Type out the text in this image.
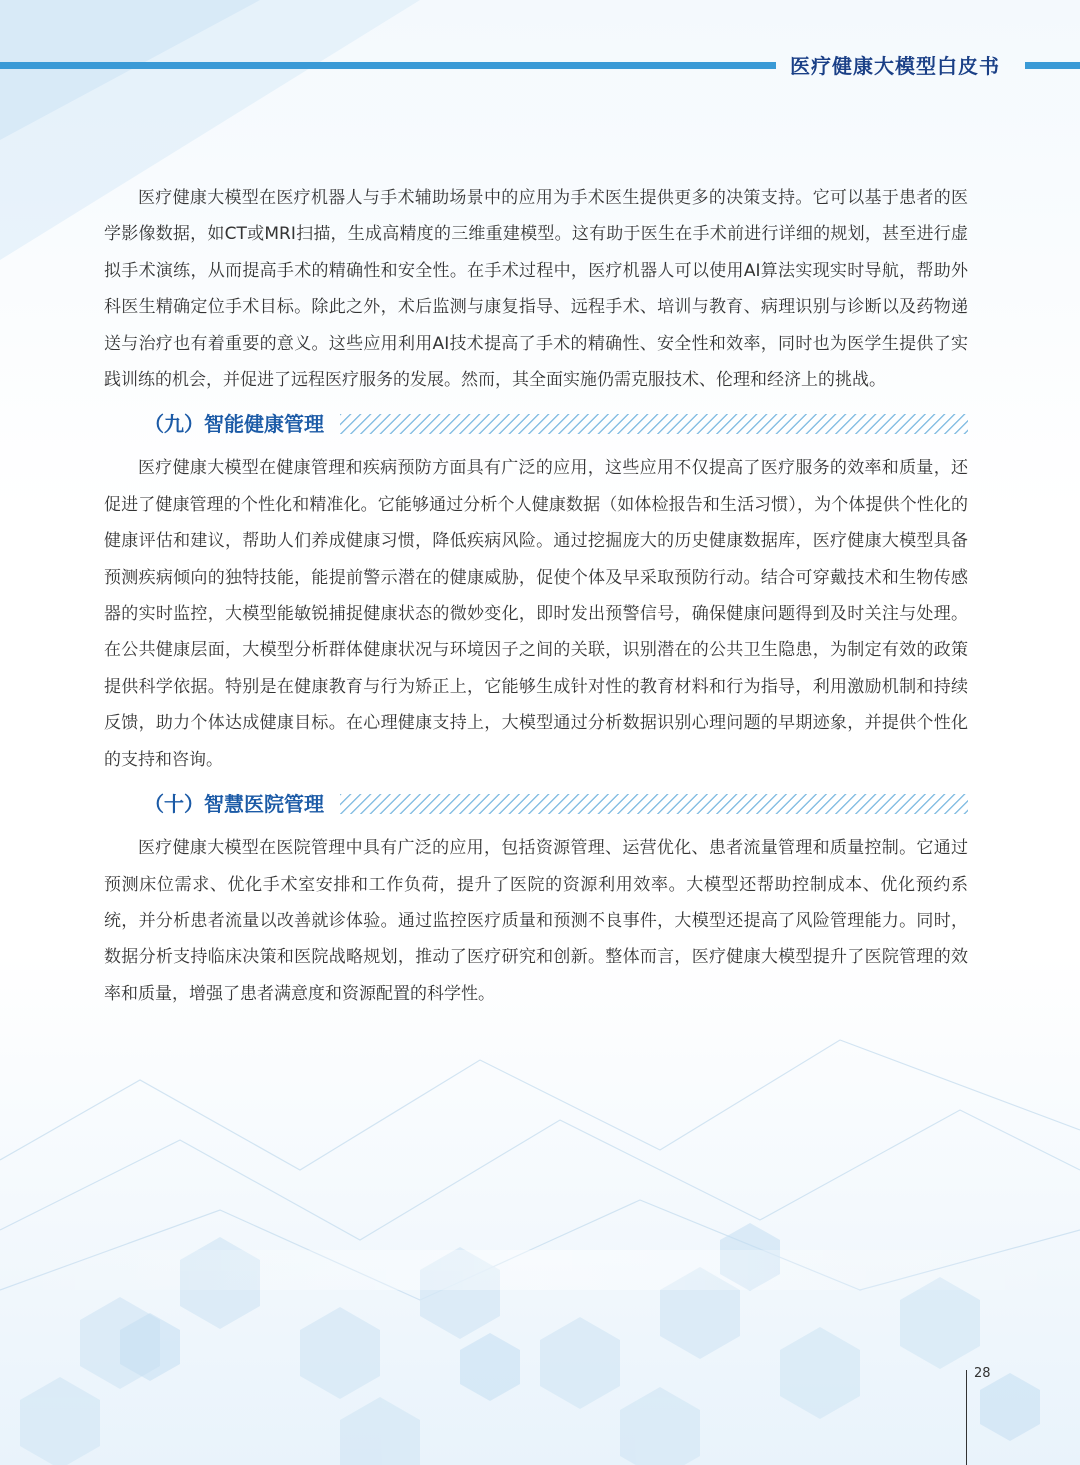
医疗健康大模型白皮书

医疗健康大模型在医疗机器人与手术辅助场景中的应用为手术医生提供更多的决策支持。它可以基于患者的医学影像数据，如CT或MRI扫描，生成高精度的三维重建模型。这有助于医生在手术前进行详细的规划，甚至进行虚拟手术演练，从而提高手术的精确性和安全性。在手术过程中，医疗机器人可以使用AI算法实现实时导航，帮助外科医生精确定位手术目标。除此之外，术后监测与康复指导、远程手术、培训与教育、病理识别与诊断以及药物递送与治疗也有着重要的意义。这些应用利用AI技术提高了手术的精确性、安全性和效率，同时也为医学生提供了实践训练的机会，并促进了远程医疗服务的发展。然而，其全面实施仍需克服技术、伦理和经济上的挑战。

（九）智能健康管理

医疗健康大模型在健康管理和疾病预防方面具有广泛的应用，这些应用不仅提高了医疗服务的效率和质量，还促进了健康管理的个性化和精准化。它能够通过分析个人健康数据（如体检报告和生活习惯），为个体提供个性化的健康评估和建议，帮助人们养成健康习惯，降低疾病风险。通过挖掘庞大的历史健康数据库，医疗健康大模型具备预测疾病倾向的独特技能，能提前警示潜在的健康威胁，促使个体及早采取预防行动。结合可穿戴技术和生物传感器的实时监控，大模型能敏锐捕捉健康状态的微妙变化，即时发出预警信号，确保健康问题得到及时关注与处理。在公共健康层面，大模型分析群体健康状况与环境因子之间的关联，识别潜在的公共卫生隐患，为制定有效的政策提供科学依据。特别是在健康教育与行为矫正上，它能够生成针对性的教育材料和行为指导，利用激励机制和持续反馈，助力个体达成健康目标。在心理健康支持上，大模型通过分析数据识别心理问题的早期迹象，并提供个性化的支持和咨询。

（十）智慧医院管理

医疗健康大模型在医院管理中具有广泛的应用，包括资源管理、运营优化、患者流量管理和质量控制。它通过预测床位需求、优化手术室安排和工作负荷，提升了医院的资源利用效率。大模型还帮助控制成本、优化预约系统，并分析患者流量以改善就诊体验。通过监控医疗质量和预测不良事件，大模型还提高了风险管理能力。同时，数据分析支持临床决策和医院战略规划，推动了医疗研究和创新。整体而言，医疗健康大模型提升了医院管理的效率和质量，增强了患者满意度和资源配置的科学性。

28
